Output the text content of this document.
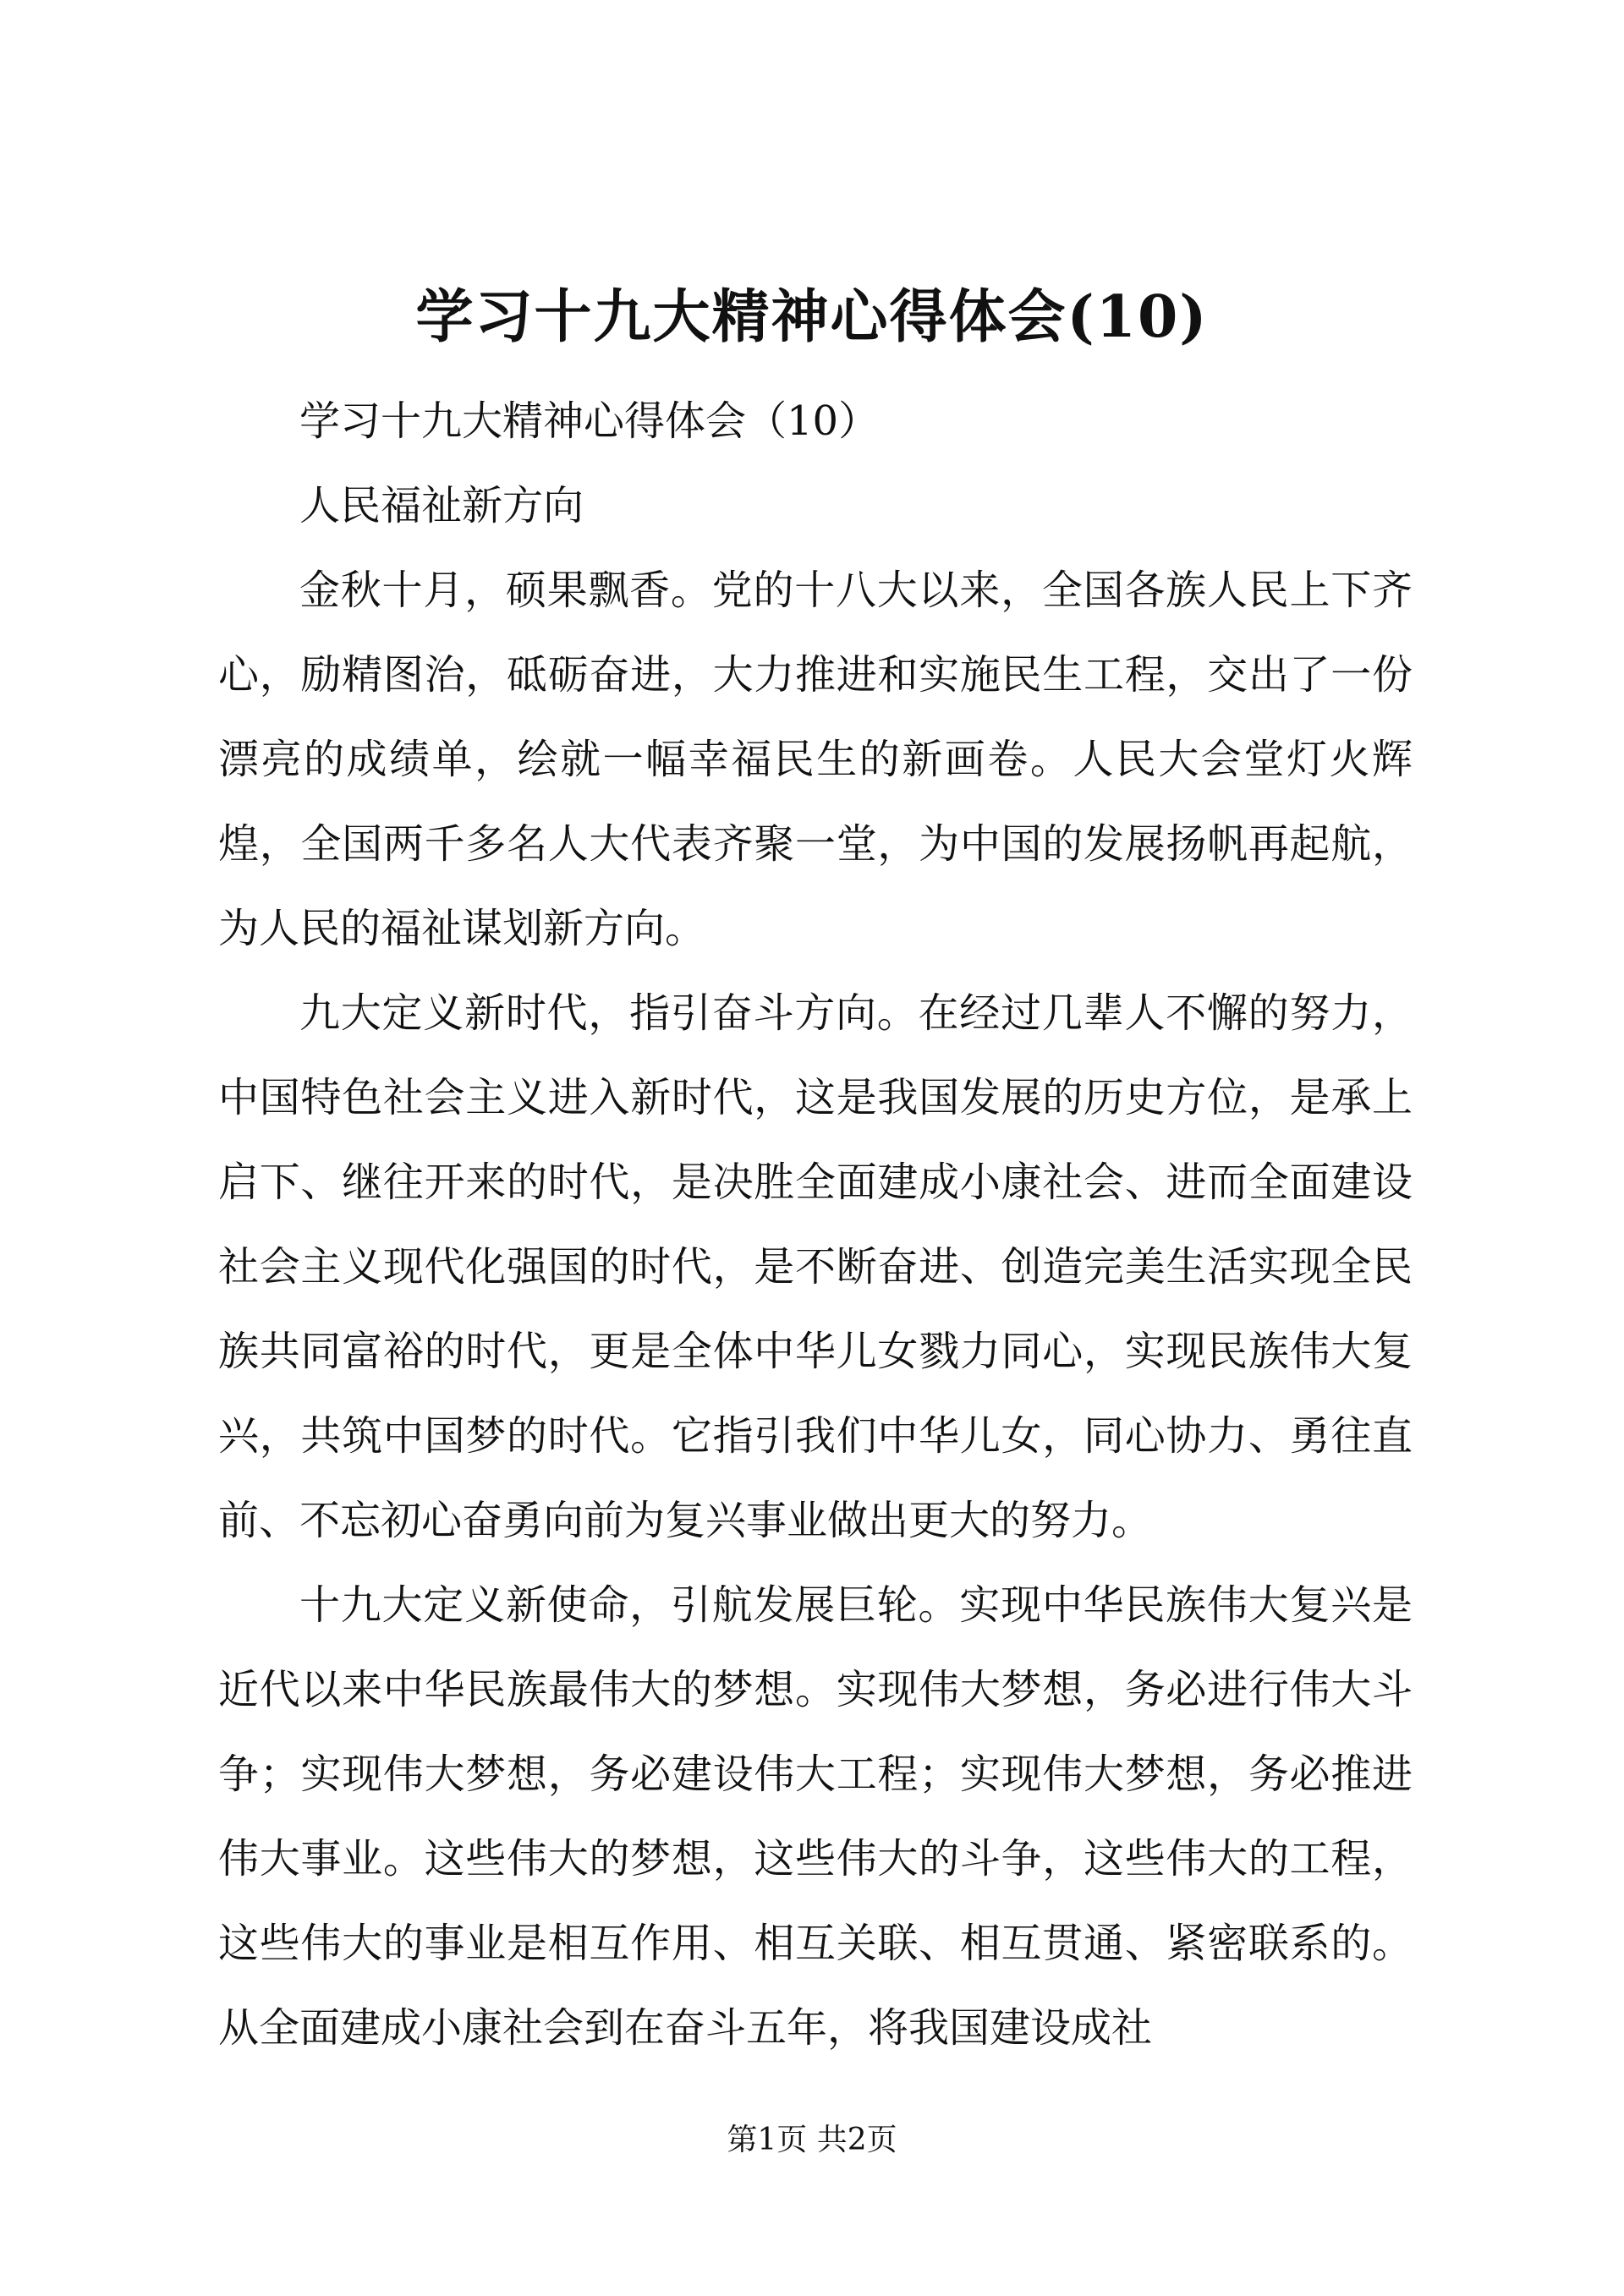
学习十九大精神心得体会(10)

学习十九大精神心得体会（10）

人民福祉新方向

金秋十月，硕果飘香。党的十八大以来，全国各族人民上下齐心，励精图治，砥砺奋进，大力推进和实施民生工程，交出了一份漂亮的成绩单，绘就一幅幸福民生的新画卷。人民大会堂灯火辉煌，全国两千多名人大代表齐聚一堂，为中国的发展扬帆再起航，为人民的福祉谋划新方向。

九大定义新时代，指引奋斗方向。在经过几辈人不懈的努力，中国特色社会主义进入新时代，这是我国发展的历史方位，是承上启下、继往开来的时代，是决胜全面建成小康社会、进而全面建设社会主义现代化强国的时代，是不断奋进、创造完美生活实现全民族共同富裕的时代，更是全体中华儿女戮力同心，实现民族伟大复兴，共筑中国梦的时代。它指引我们中华儿女，同心协力、勇往直前、不忘初心奋勇向前为复兴事业做出更大的努力。

十九大定义新使命，引航发展巨轮。实现中华民族伟大复兴是近代以来中华民族最伟大的梦想。实现伟大梦想，务必进行伟大斗争；实现伟大梦想，务必建设伟大工程；实现伟大梦想，务必推进伟大事业。这些伟大的梦想，这些伟大的斗争，这些伟大的工程，这些伟大的事业是相互作用、相互关联、相互贯通、紧密联系的。从全面建成小康社会到在奋斗五年，将我国建设成社

第1页 共2页
